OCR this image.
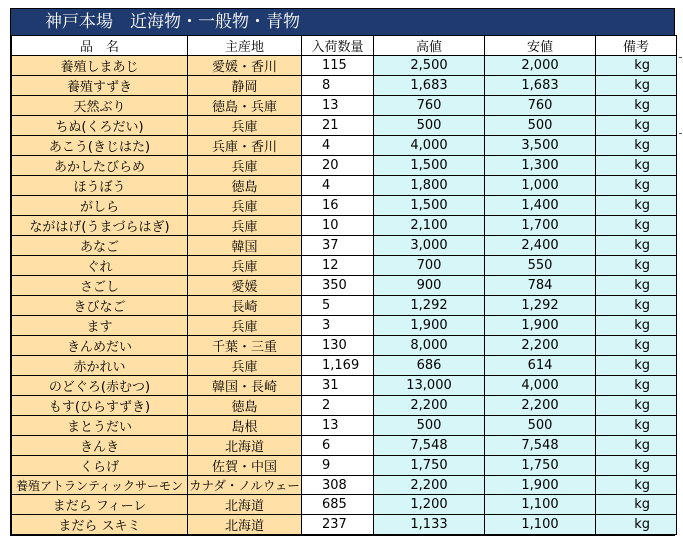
神戸本場　近海物・一般物・青物
品　名	主産地	入荷数量	高値	安値	備考
養殖しまあじ	愛媛・香川	115	2,500	2,000	kg
養殖すずき	静岡	8	1,683	1,683	kg
天然ぶり	徳島・兵庫	13	760	760	kg
ちぬ(くろだい)	兵庫	21	500	500	kg
あこう(きじはた)	兵庫・香川	4	4,000	3,500	kg
あかしたびらめ	兵庫	20	1,500	1,300	kg
ほうぼう	徳島	4	1,800	1,000	kg
がしら	兵庫	16	1,500	1,400	kg
ながはげ(うまづらはぎ)	兵庫	10	2,100	1,700	kg
あなご	韓国	37	3,000	2,400	kg
ぐれ	兵庫	12	700	550	kg
さごし	愛媛	350	900	784	kg
きびなご	長崎	5	1,292	1,292	kg
ます	兵庫	3	1,900	1,900	kg
きんめだい	千葉・三重	130	8,000	2,200	kg
赤かれい	兵庫	1,169	686	614	kg
のどぐろ(赤むつ)	韓国・長崎	31	13,000	4,000	kg
もす(ひらすずき)	徳島	2	2,200	2,200	kg
まとうだい	島根	13	500	500	kg
きんき	北海道	6	7,548	7,548	kg
くらげ	佐賀・中国	9	1,750	1,750	kg
養殖アトランティックサーモン	カナダ・ノルウェー	308	2,200	1,900	kg
まだら フィーレ	北海道	685	1,200	1,100	kg
まだら スキミ	北海道	237	1,133	1,100	kg
